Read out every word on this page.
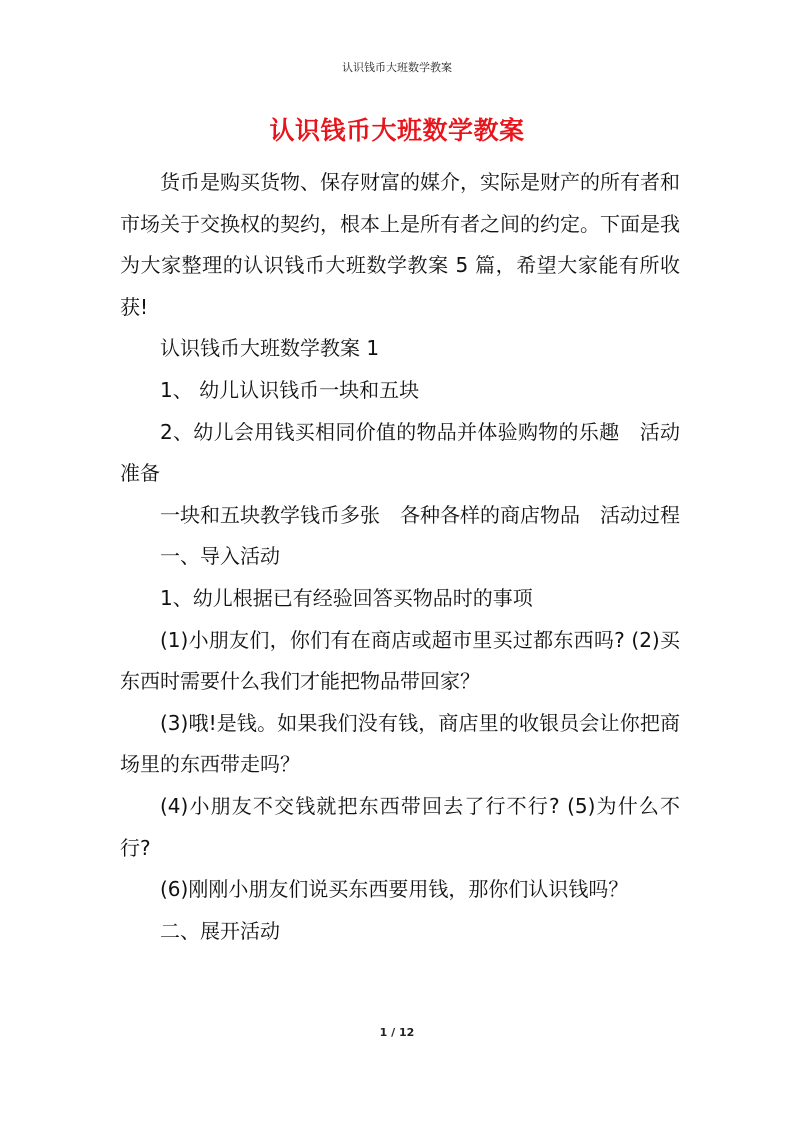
认识钱币大班数学教案
认识钱币大班数学教案

货币是购买货物、保存财富的媒介，实际是财产的所有者和市场关于交换权的契约，根本上是所有者之间的约定。下面是我为大家整理的认识钱币大班数学教案 5 篇，希望大家能有所收获!

认识钱币大班数学教案 1

1、 幼儿认识钱币一块和五块

2、幼儿会用钱买相同价值的物品并体验购物的乐趣　活动准备

一块和五块教学钱币多张　各种各样的商店物品　活动过程

一、导入活动

1、幼儿根据已有经验回答买物品时的事项

(1)小朋友们，你们有在商店或超市里买过都东西吗? (2)买东西时需要什么我们才能把物品带回家？

(3)哦!是钱。如果我们没有钱，商店里的收银员会让你把商场里的东西带走吗？

(4)小朋友不交钱就把东西带回去了行不行? (5)为什么不行?

(6)刚刚小朋友们说买东西要用钱，那你们认识钱吗？

二、展开活动

1 / 12
